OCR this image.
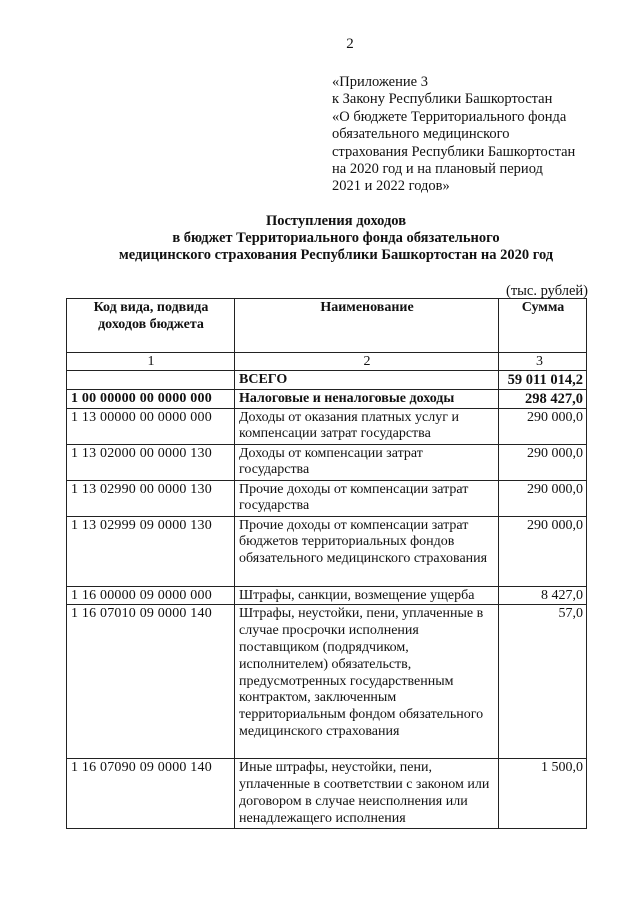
2
«Приложение 3
к Закону Республики Башкортостан
«О бюджете Территориального фонда
обязательного медицинского
страхования Республики Башкортостан
на 2020 год и на плановый период
2021 и 2022 годов»
Поступления доходов
в бюджет Территориального фонда обязательного
медицинского страхования Республики Башкортостан на 2020 год
(тыс. рублей)
Код вида, подвида доходов бюджета	Наименование	Сумма
1	2	3
	ВСЕГО	59 011 014,2
1 00 00000 00 0000 000	Налоговые и неналоговые доходы	298 427,0
1 13 00000 00 0000 000	Доходы от оказания платных услуг и компенсации затрат государства	290 000,0
1 13 02000 00 0000 130	Доходы от компенсации затрат государства	290 000,0
1 13 02990 00 0000 130	Прочие доходы от компенсации затрат государства	290 000,0
1 13 02999 09 0000 130	Прочие доходы от компенсации затрат бюджетов территориальных фондов обязательного медицинского страхования	290 000,0
1 16 00000 09 0000 000	Штрафы, санкции, возмещение ущерба	8 427,0
1 16 07010 09 0000 140	Штрафы, неустойки, пени, уплаченные в случае просрочки исполнения поставщиком (подрядчиком, исполнителем) обязательств, предусмотренных государственным контрактом, заключенным территориальным фондом обязательного медицинского страхования	57,0
1 16 07090 09 0000 140	Иные штрафы, неустойки, пени, уплаченные в соответствии с законом или договором в случае неисполнения или ненадлежащего исполнения	1 500,0
